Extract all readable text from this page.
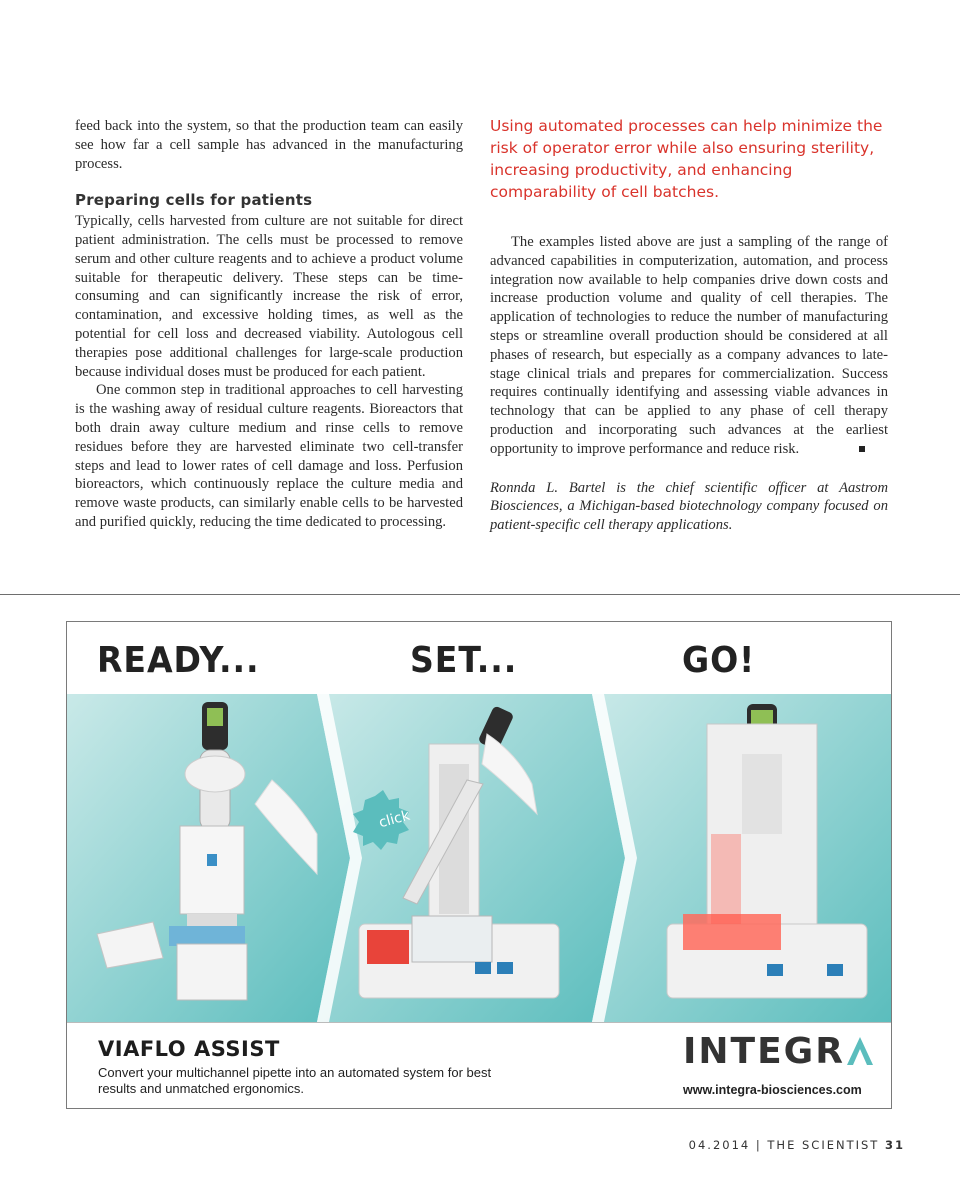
feed back into the system, so that the production team can easily see how far a cell sample has advanced in the manufacturing process.

Preparing cells for patients

Typically, cells harvested from culture are not suitable for direct patient administration. The cells must be processed to remove serum and other culture reagents and to achieve a product volume suitable for therapeutic delivery. These steps can be time-consuming and can significantly increase the risk of error, contamination, and excessive holding times, as well as the potential for cell loss and decreased viability. Autologous cell therapies pose additional challenges for large-scale production because individual doses must be produced for each patient.

One common step in traditional approaches to cell harvesting is the washing away of residual culture reagents. Bioreactors that both drain away culture medium and rinse cells to remove residues before they are harvested eliminate two cell-transfer steps and lead to lower rates of cell damage and loss. Perfusion bioreactors, which continuously replace the culture media and remove waste products, can similarly enable cells to be harvested and purified quickly, reducing the time dedicated to processing.

Using automated processes can help minimize the risk of operator error while also ensuring sterility, increasing productivity, and enhancing comparability of cell batches.

The examples listed above are just a sampling of the range of advanced capabilities in computerization, automation, and process integration now available to help companies drive down costs and increase production volume and quality of cell therapies. The application of technologies to reduce the number of manufacturing steps or streamline overall production should be considered at all phases of research, but especially as a company advances to late-stage clinical trials and prepares for commercialization. Success requires continually identifying and assessing viable advances in technology that can be applied to any phase of cell therapy production and incorporating such advances at the earliest opportunity to improve performance and reduce risk.

Ronnda L. Bartel is the chief scientific officer at Aastrom Biosciences, a Michigan-based biotechnology company focused on patient-specific cell therapy applications.

READY...	SET...	GO!
click
VIAFLO ASSIST
Convert your multichannel pipette into an automated system for best results and unmatched ergonomics.
INTEGR
www.integra-biosciences.com
04.2014 | THE SCIENTIST 31
